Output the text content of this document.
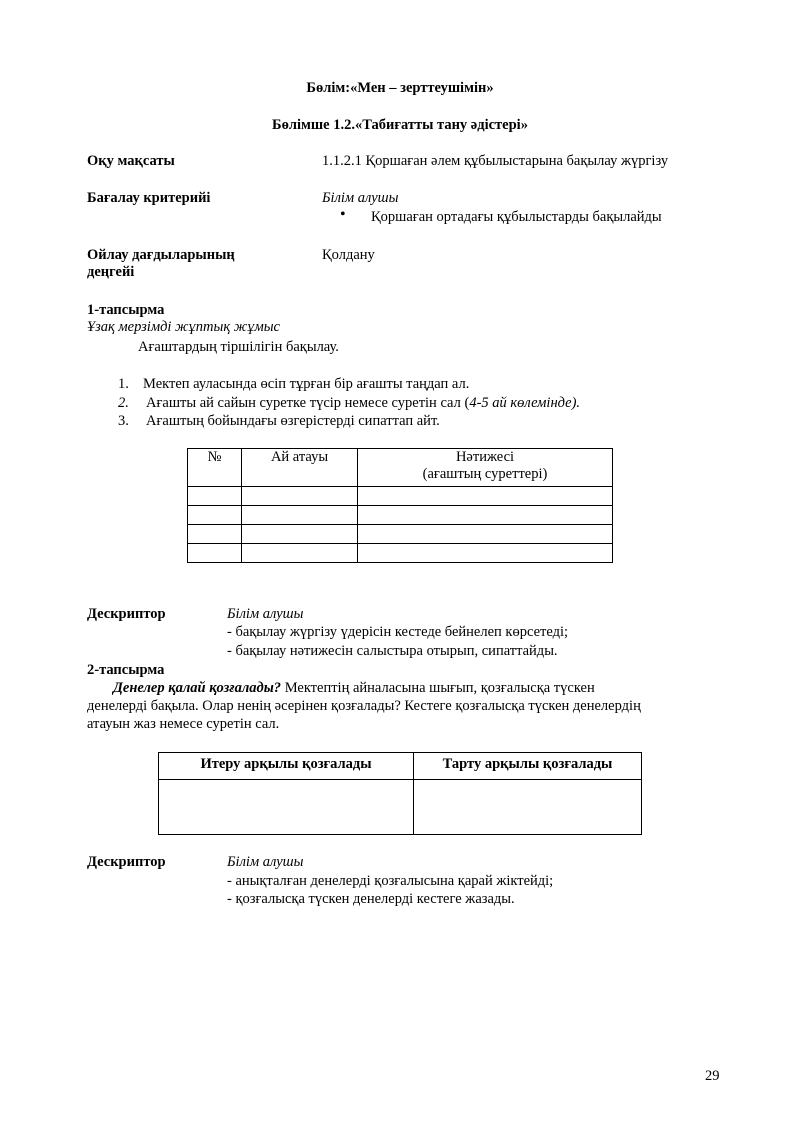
Бөлім:«Мен – зерттеушімін»
Бөлімше 1.2.«Табиғатты тану әдістері»
Оқу мақсаты	1.1.2.1 Қоршаған әлем құбылыстарына бақылау жүргізу
Бағалау критерийі	Білім алушы
• Қоршаған ортадағы құбылыстарды бақылайды
Ойлау дағдыларының
деңгейі
Қолдану
1-тапсырма
Ұзақ мерзімді жұптық жұмыс
Ағаштардың тіршілігін бақылау.
1. Мектеп ауласында өсіп тұрған бір ағашты таңдап ал.
2. Ағашты ай сайын суретке түсір немесе суретін сал (4-5 ай көлемінде).
3. Ағаштың бойындағы өзгерістерді сипаттап айт.
№	Ай атауы	Нәтижесі
(ағаштың суреттері)

Дескриптор	Білім алушы
- бақылау жүргізу үдерісін кестеде бейнелеп көрсетеді;
- бақылау нәтижесін салыстыра отырып, сипаттайды.
2-тапсырма
Денелер қалай қозғалады? Мектептің айналасына шығып, қозғалысқа түскен
денелерді бақыла. Олар ненің әсерінен қозғалады? Кестеге қозғалысқа түскен денелердің
атауын жаз немесе суретін сал.
Итеру арқылы қозғалады	Тарту арқылы қозғалады

Дескриптор	Білім алушы
- анықталған денелерді қозғалысына қарай жіктейді;
- қозғалысқа түскен денелерді кестеге жазады.
29
